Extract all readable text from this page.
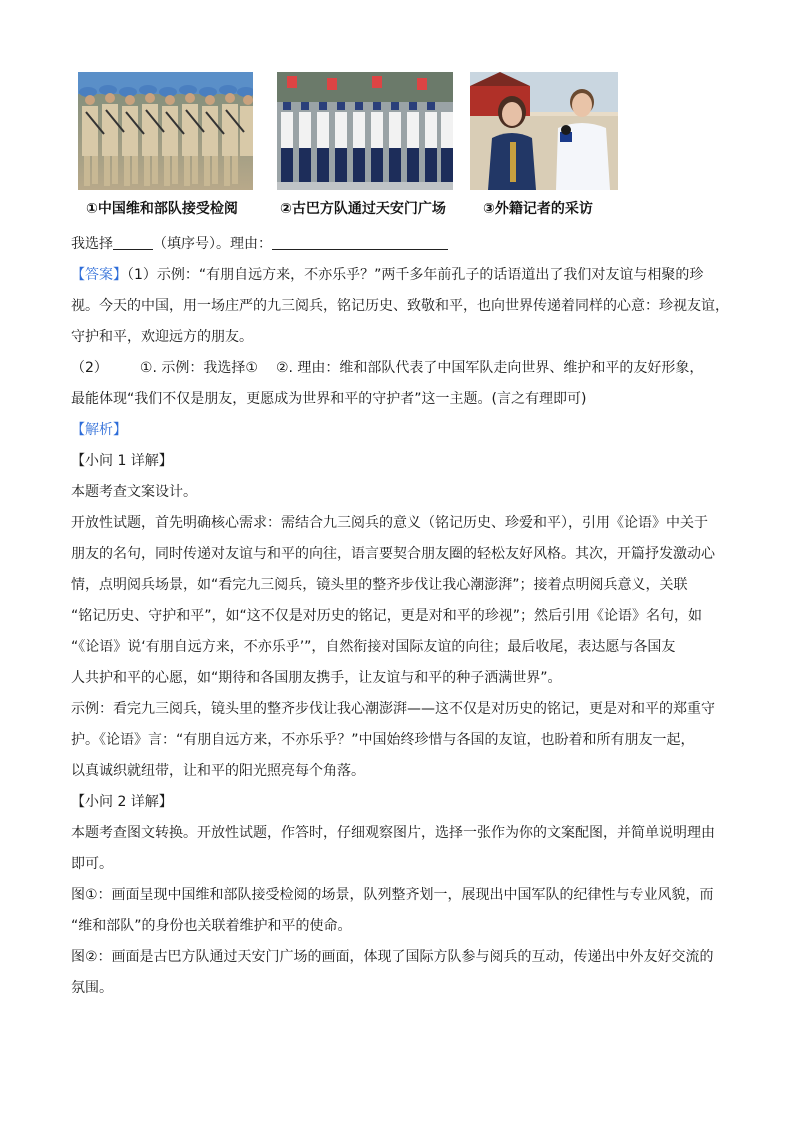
①中国维和部队接受检阅	②古巴方队通过天安门广场	③外籍记者的采访
我选择	（填序号）。理由：
【答案】（1）示例：“有朋自远方来，不亦乐乎？”两千多年前孔子的话语道出了我们对友谊与相聚的珍
视。今天的中国，用一场庄严的九三阅兵，铭记历史、致敬和平，也向世界传递着同样的心意：珍视友谊，
守护和平，欢迎远方的朋友。
（2） ①. 示例：我选择① ②. 理由：维和部队代表了中国军队走向世界、维护和平的友好形象，
最能体现“我们不仅是朋友，更愿成为世界和平的守护者”这一主题。(言之有理即可)
【解析】
【小问 1 详解】
本题考查文案设计。
开放性试题，首先明确核心需求：需结合九三阅兵的意义（铭记历史、珍爱和平），引用《论语》中关于
朋友的名句，同时传递对友谊与和平的向往，语言要契合朋友圈的轻松友好风格。其次，开篇抒发激动心
情，点明阅兵场景，如“看完九三阅兵，镜头里的整齐步伐让我心潮澎湃”；接着点明阅兵意义，关联
“铭记历史、守护和平”，如“这不仅是对历史的铭记，更是对和平的珍视”；然后引用《论语》名句，如
“《论语》说‘有朋自远方来，不亦乐乎’”，自然衔接对国际友谊的向往；最后收尾，表达愿与各国友
人共护和平的心愿，如“期待和各国朋友携手，让友谊与和平的种子洒满世界”。
示例：看完九三阅兵，镜头里的整齐步伐让我心潮澎湃——这不仅是对历史的铭记，更是对和平的郑重守
护。《论语》言：“有朋自远方来，不亦乐乎？”中国始终珍惜与各国的友谊，也盼着和所有朋友一起，
以真诚织就纽带，让和平的阳光照亮每个角落。
【小问 2 详解】
本题考查图文转换。开放性试题，作答时，仔细观察图片，选择一张作为你的文案配图，并简单说明理由
即可。
图①：画面呈现中国维和部队接受检阅的场景，队列整齐划一，展现出中国军队的纪律性与专业风貌，而
“维和部队”的身份也关联着维护和平的使命。
图②：画面是古巴方队通过天安门广场的画面，体现了国际方队参与阅兵的互动，传递出中外友好交流的
氛围。
